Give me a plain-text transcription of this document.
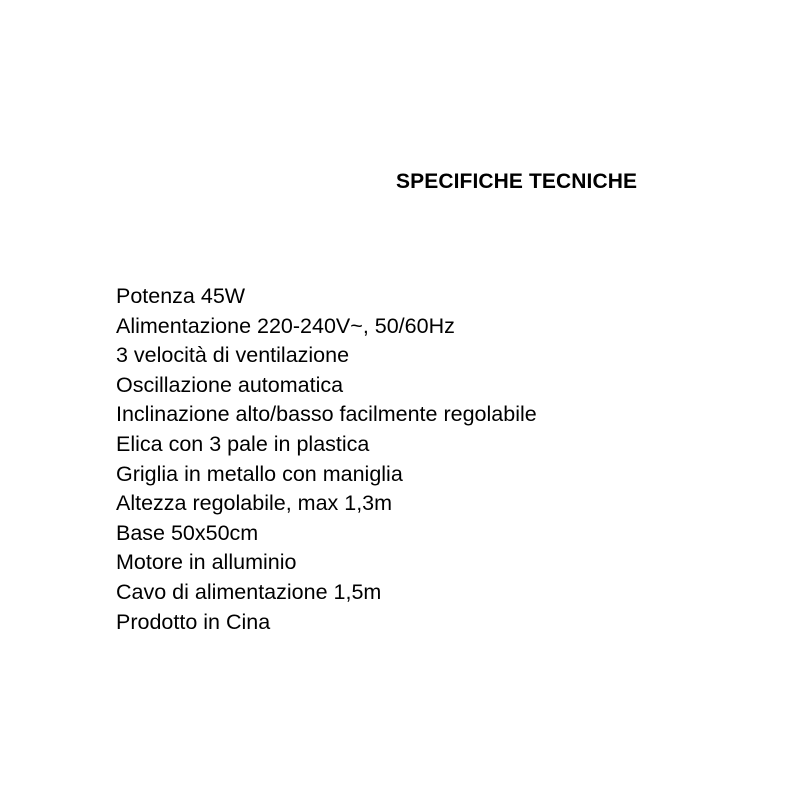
SPECIFICHE TECNICHE
Potenza 45W
Alimentazione 220-240V~, 50/60Hz
3 velocità di ventilazione
Oscillazione automatica
Inclinazione alto/basso facilmente regolabile
Elica con 3 pale in plastica
Griglia in metallo con maniglia
Altezza regolabile, max 1,3m
Base 50x50cm
Motore in alluminio
Cavo di alimentazione 1,5m
Prodotto in Cina
